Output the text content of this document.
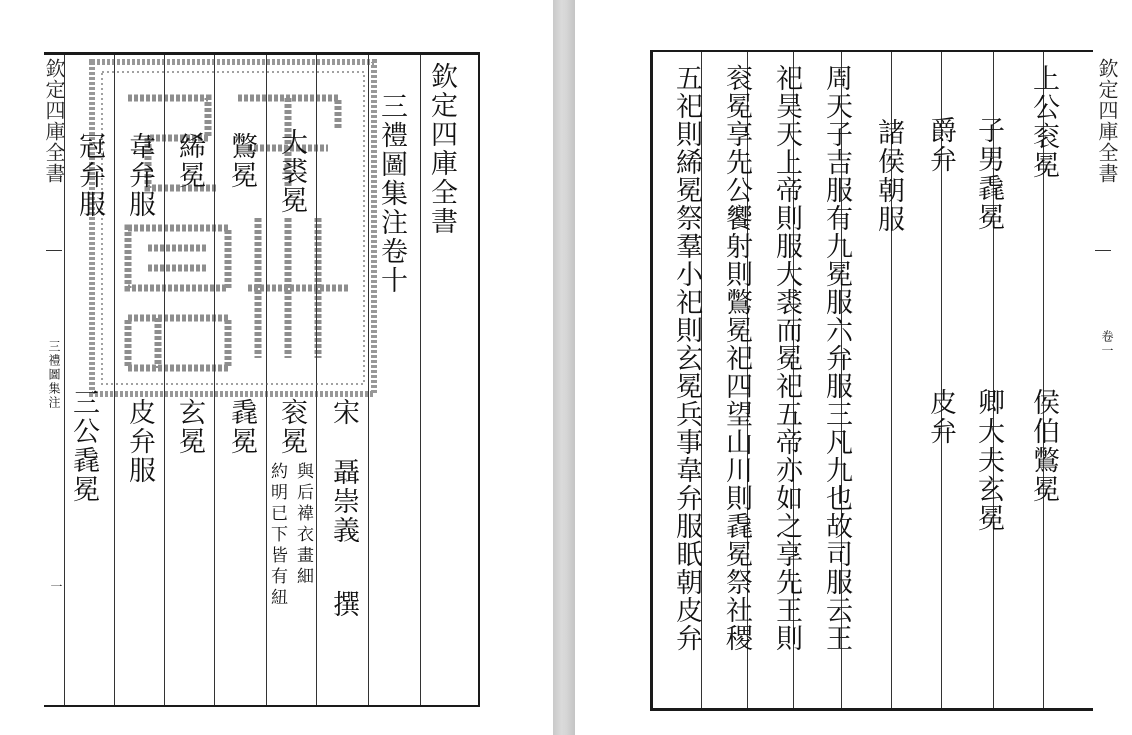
欽定四庫全書
三禮圖集注
一
欽定四庫全書
三禮圖集注卷十
宋
聶崇義
撰
大裘冕
衮冕
與后褘衣畫細
約明已下皆有紐
鷩冕
毳冕
絺冕
玄冕
韋弁服
皮弁服
冠弁服
三公毳冕
欽定四庫全書
卷一
上公衮冕
侯伯鷩冕
子男毳冕
卿大夫玄冕
爵弁
皮弁
諸侯朝服
周天子吉服有九冕服六弁服三凡九也故司服云王
祀昊天上帝則服大裘而冕祀五帝亦如之享先王則
衮冕享先公饗射則鷩冕祀四望山川則毳冕祭社稷
五祀則絺冕祭羣小祀則玄冕兵事韋弁服眂朝皮弁
